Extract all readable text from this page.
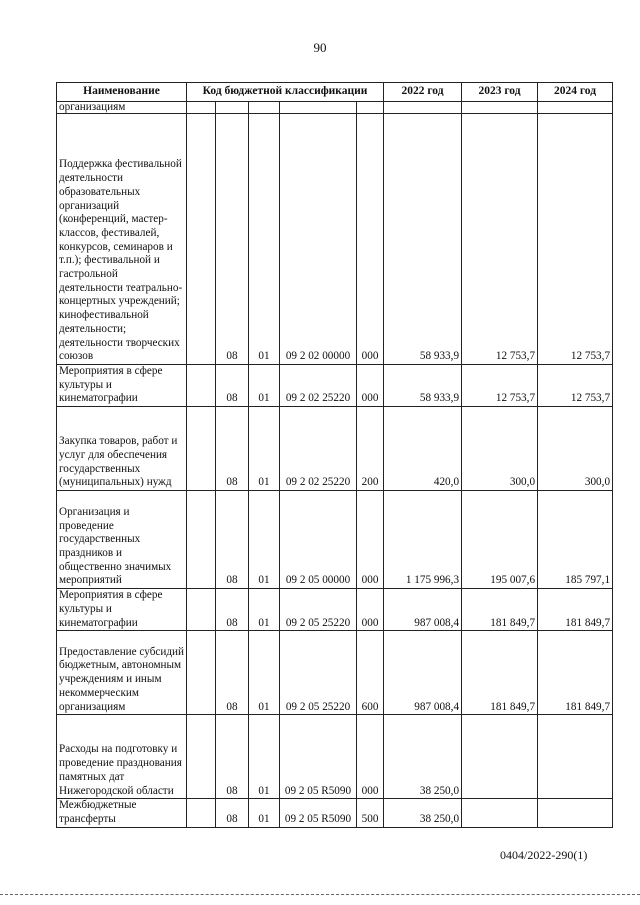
90
Наименование	Код бюджетной классификации					2022 год	2023 год	2024 год
организациям								
Поддержка фестивальной деятельности образовательных организаций (конференций, мастер-классов, фестивалей, конкурсов, семинаров и т.п.); фестивальной и гастрольной деятельности театрально-концертных учреждений; кинофестивальной деятельности; деятельности творческих союзов		08	01	09 2 02 00000	000	58 933,9	12 753,7	12 753,7
Мероприятия в сфере культуры и кинематографии		08	01	09 2 02 25220	000	58 933,9	12 753,7	12 753,7
Закупка товаров, работ и услуг для обеспечения государственных (муниципальных) нужд		08	01	09 2 02 25220	200	420,0	300,0	300,0
Организация и проведение государственных праздников и общественно значимых мероприятий		08	01	09 2 05 00000	000	1 175 996,3	195 007,6	185 797,1
Мероприятия в сфере культуры и кинематографии		08	01	09 2 05 25220	000	987 008,4	181 849,7	181 849,7
Предоставление субсидий бюджетным, автономным учреждениям и иным некоммерческим организациям		08	01	09 2 05 25220	600	987 008,4	181 849,7	181 849,7
Расходы на подготовку и проведение празднования памятных дат Нижегородской области		08	01	09 2 05 R5090	000	38 250,0		
Межбюджетные трансферты		08	01	09 2 05 R5090	500	38 250,0		
0404/2022-290(1)
